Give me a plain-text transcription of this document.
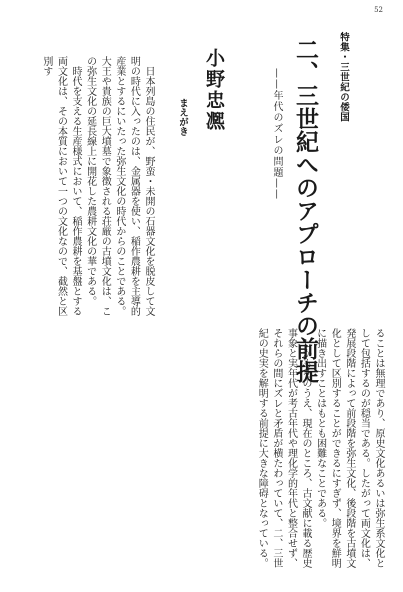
52
特集・三世紀の倭国
二、三世紀へのアプローチの前提
——年代のズレの問題——
小野忠凞
まえがき
日本列島の住民が、野蛮・未開の石器文化を脱皮して文明の時代に入ったのは、金属器を使い、稲作農耕を主導的産業とするにいたった弥生文化の時代からのことである。大王や貴族の巨大墳墓で象徴される荘厳の古墳文化は、この弥生文化の延長線上に開花した農耕文化の華である。
時代を支える生産様式において、稲作農耕を基盤とする両文化は、その本質において一つの文化なので、截然と区別す
ることは無理であり、原史文化あるいは弥生系文化として包括するのが穏当である。したがって両文化は、発展段階によって前段階を弥生文化、後段階を古墳文化として区別することができるにすぎず、境界を鮮明に描き出すことはもとも困難なことである。
しかもそのうえ、現在のところ、古文献に載る歴史事象と実年代が考古年代や理化学的年代と整合せず、それらの間にズレと矛盾が横たわっていて、二、三世紀の史実を解明する前提に大きな障碍となっている。
